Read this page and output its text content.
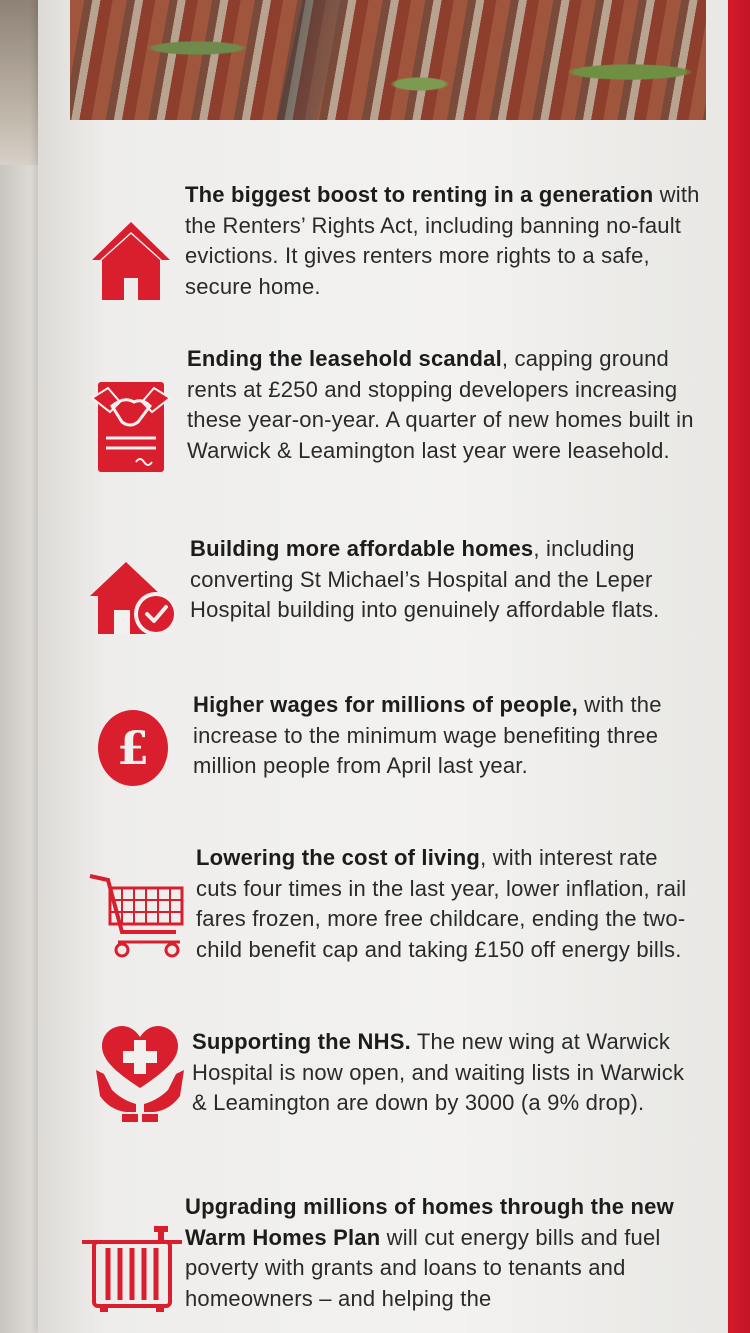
The biggest boost to renting in a generation with the Renters’ Rights Act, including banning no-fault evictions. It gives renters more rights to a safe, secure home.
Ending the leasehold scandal, capping ground rents at £250 and stopping developers increasing these year-on-year. A quarter of new homes built in Warwick & Leamington last year were leasehold.
Building more affordable homes, including converting St Michael’s Hospital and the Leper Hospital building into genuinely affordable flats.
£
Higher wages for millions of people, with the increase to the minimum wage benefiting three million people from April last year.
Lowering the cost of living, with interest rate cuts four times in the last year, lower inflation, rail fares frozen, more free childcare, ending the two-child benefit cap and taking £150 off energy bills.
Supporting the NHS. The new wing at Warwick Hospital is now open, and waiting lists in Warwick & Leamington are down by 3000 (a 9% drop).
Upgrading millions of homes through the new Warm Homes Plan will cut energy bills and fuel poverty with grants and loans to tenants and homeowners – and helping the
